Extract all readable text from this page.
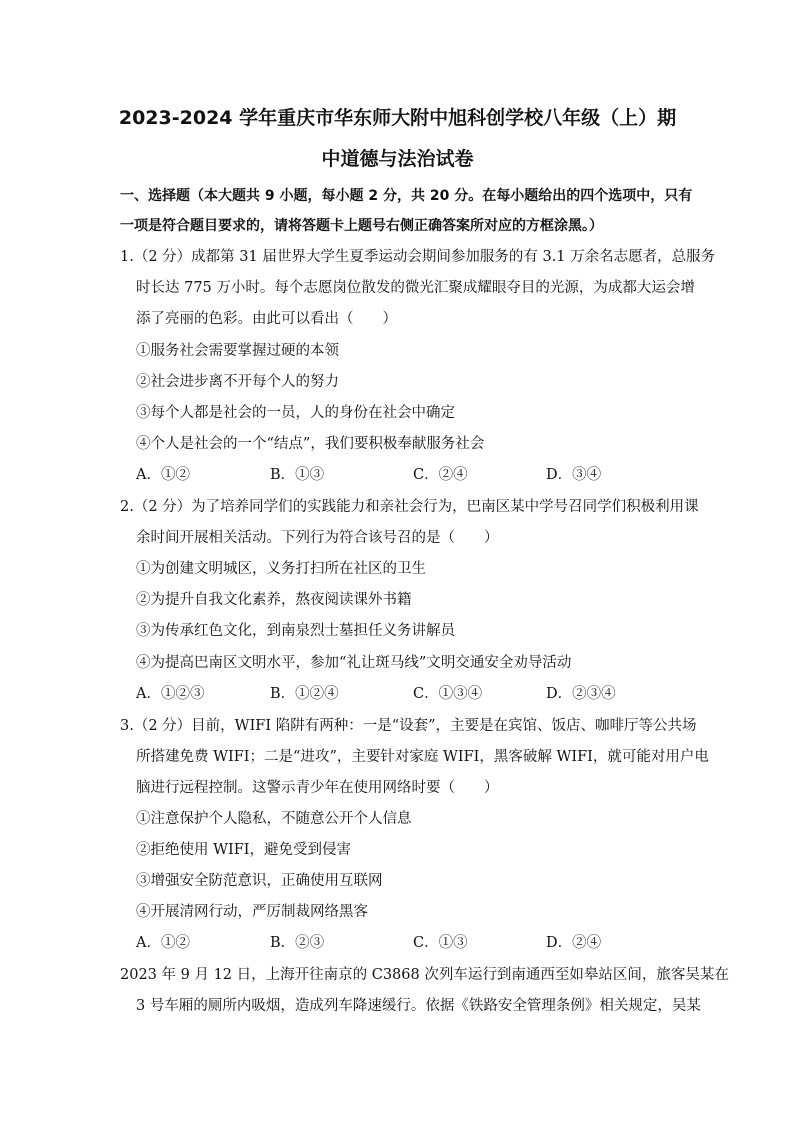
2023-2024 学年重庆市华东师大附中旭科创学校八年级（上）期
中道德与法治试卷
一、选择题（本大题共 9 小题，每小题 2 分，共 20 分。在每小题给出的四个选项中，只有
一项是符合题目要求的，请将答题卡上题号右侧正确答案所对应的方框涂黑。）
1.（2 分）成都第 31 届世界大学生夏季运动会期间参加服务的有 3.1 万余名志愿者，总服务
时长达 775 万小时。每个志愿岗位散发的微光汇聚成耀眼夺目的光源，为成都大运会增
添了亮丽的色彩。由此可以看出（　　）
①服务社会需要掌握过硬的本领
②社会进步离不开每个人的努力
③每个人都是社会的一员，人的身份在社会中确定
④个人是社会的一个“结点”，我们要积极奉献服务社会
A．①②	B．①③	C．②④	D．③④
2.（2 分）为了培养同学们的实践能力和亲社会行为，巴南区某中学号召同学们积极利用课
余时间开展相关活动。下列行为符合该号召的是（　　）
①为创建文明城区，义务打扫所在社区的卫生
②为提升自我文化素养，熬夜阅读课外书籍
③为传承红色文化，到南泉烈士墓担任义务讲解员
④为提高巴南区文明水平，参加“礼让斑马线”文明交通安全劝导活动
A．①②③	B．①②④	C．①③④	D．②③④
3.（2 分）目前，WIFI 陷阱有两种：一是“设套”，主要是在宾馆、饭店、咖啡厅等公共场
所搭建免费 WIFI；二是“进攻”，主要针对家庭 WIFI，黑客破解 WIFI，就可能对用户电
脑进行远程控制。这警示青少年在使用网络时要（　　）
①注意保护个人隐私，不随意公开个人信息
②拒绝使用 WIFI，避免受到侵害
③增强安全防范意识，正确使用互联网
④开展清网行动，严厉制裁网络黑客
A．①②	B．②③	C．①③	D．②④
2023 年 9 月 12 日，上海开往南京的 C3868 次列车运行到南通西至如皋站区间，旅客吴某在
3 号车厢的厕所内吸烟，造成列车降速缓行。依据《铁路安全管理条例》相关规定，吴某
